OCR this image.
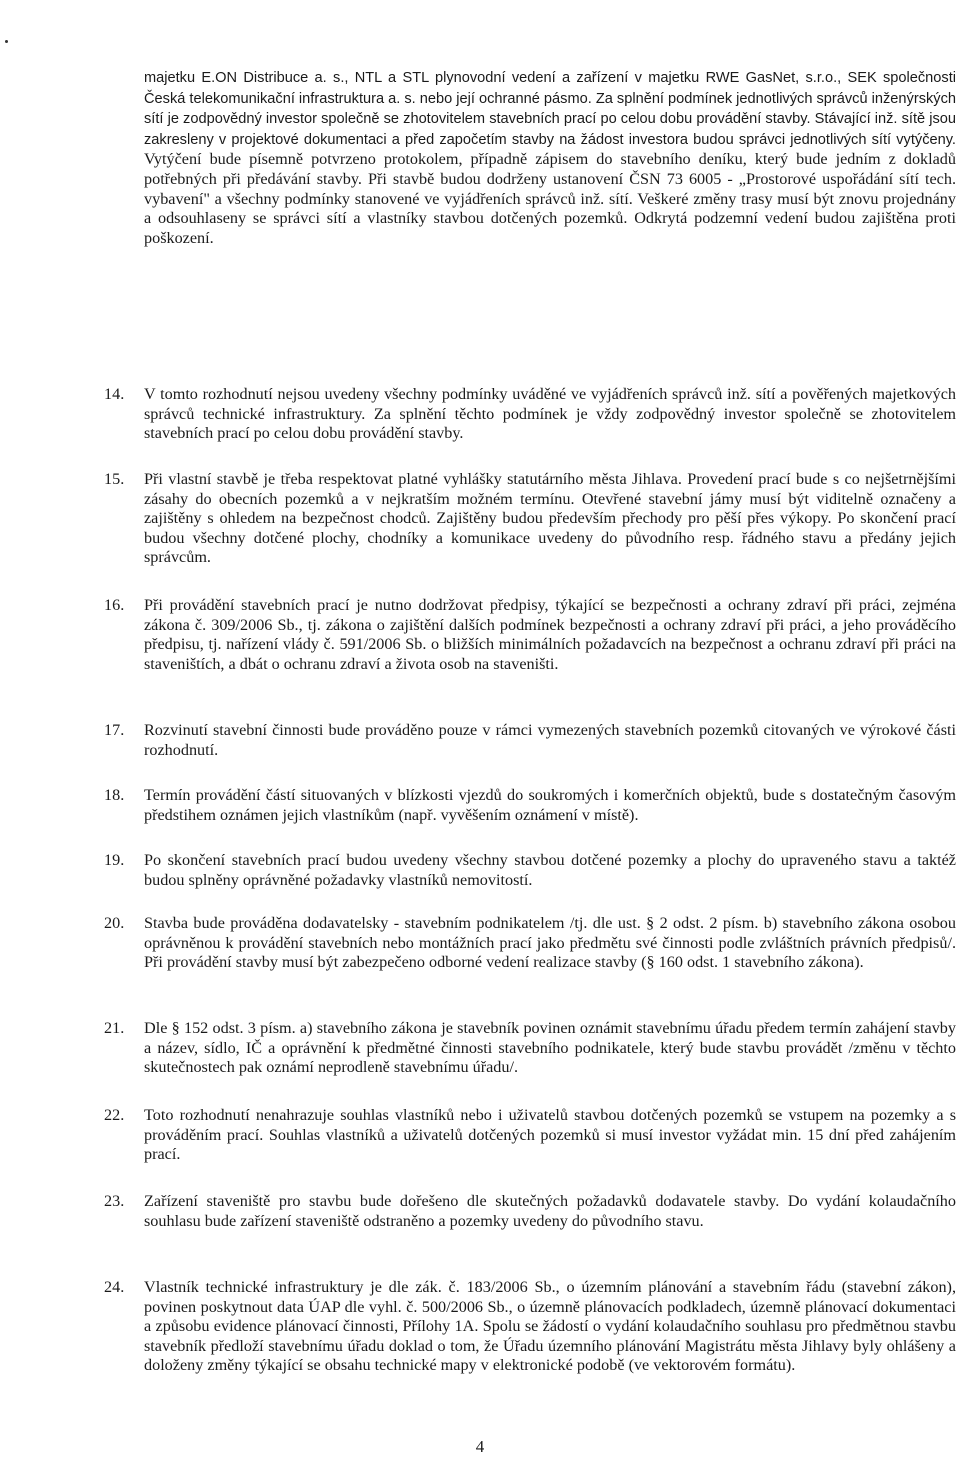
majetku E.ON Distribuce a. s., NTL a STL plynovodní vedení a zařízení v majetku RWE GasNet, s.r.o., SEK společnosti Česká telekomunikační infrastruktura a. s. nebo její ochranné pásmo. Za splnění podmínek jednotlivých správců inženýrských sítí je zodpovědný investor společně se zhotovitelem stavebních prací po celou dobu provádění stavby. Stávající inž. sítě jsou zakresleny v projektové dokumentaci a před započetím stavby na žádost investora budou správci jednotlivých sítí vytýčeny. Vytýčení bude písemně potvrzeno protokolem, případně zápisem do stavebního deníku, který bude jedním z dokladů potřebných při předávání stavby. Při stavbě budou dodrženy ustanovení ČSN 73 6005 - „Prostorové uspořádání sítí tech. vybavení" a všechny podmínky stanovené ve vyjádřeních správců inž. sítí. Veškeré změny trasy musí být znovu projednány a odsouhlaseny se správci sítí a vlastníky stavbou dotčených pozemků. Odkrytá podzemní vedení budou zajištěna proti poškození.

14.	V tomto rozhodnutí nejsou uvedeny všechny podmínky uváděné ve vyjádřeních správců inž. sítí a pověřených majetkových správců technické infrastruktury. Za splnění těchto podmínek je vždy zodpovědný investor společně se zhotovitelem stavebních prací po celou dobu provádění stavby.

15.	Při vlastní stavbě je třeba respektovat platné vyhlášky statutárního města Jihlava. Provedení prací bude s co nejšetrnějšími zásahy do obecních pozemků a v nejkratším možném termínu. Otevřené stavební jámy musí být viditelně označeny a zajištěny s ohledem na bezpečnost chodců. Zajištěny budou především přechody pro pěší přes výkopy. Po skončení prací budou všechny dotčené plochy, chodníky a komunikace uvedeny do původního resp. řádného stavu a předány jejich správcům.

16.	Při provádění stavebních prací je nutno dodržovat předpisy, týkající se bezpečnosti a ochrany zdraví při práci, zejména zákona č. 309/2006 Sb., tj. zákona o zajištění dalších podmínek bezpečnosti a ochrany zdraví při práci, a jeho prováděcího předpisu, tj. nařízení vlády č. 591/2006 Sb. o bližších minimálních požadavcích na bezpečnost a ochranu zdraví při práci na staveništích, a dbát o ochranu zdraví a života osob na staveništi.

17.	Rozvinutí stavební činnosti bude prováděno pouze v rámci vymezených stavebních pozemků citovaných ve výrokové části rozhodnutí.

18.	Termín provádění částí situovaných v blízkosti vjezdů do soukromých i komerčních objektů, bude s dostatečným časovým předstihem oznámen jejich vlastníkům (např. vyvěšením oznámení v místě).

19.	Po skončení stavebních prací budou uvedeny všechny stavbou dotčené pozemky a plochy do upraveného stavu a taktéž budou splněny oprávněné požadavky vlastníků nemovitostí.

20.	Stavba bude prováděna dodavatelsky - stavebním podnikatelem /tj. dle ust. § 2 odst. 2 písm. b) stavebního zákona osobou oprávněnou k provádění stavebních nebo montážních prací jako předmětu své činnosti podle zvláštních právních předpisů/. Při provádění stavby musí být zabezpečeno odborné vedení realizace stavby (§ 160 odst. 1 stavebního zákona).

21.	Dle § 152 odst. 3 písm. a) stavebního zákona je stavebník povinen oznámit stavebnímu úřadu předem termín zahájení stavby a název, sídlo, IČ a oprávnění k předmětné činnosti stavebního podnikatele, který bude stavbu provádět /změnu v těchto skutečnostech pak oznámí neprodleně stavebnímu úřadu/.

22.	Toto rozhodnutí nenahrazuje souhlas vlastníků nebo i uživatelů stavbou dotčených pozemků se vstupem na pozemky a s prováděním prací. Souhlas vlastníků a uživatelů dotčených pozemků si musí investor vyžádat min. 15 dní před zahájením prací.

23.	Zařízení staveniště pro stavbu bude dořešeno dle skutečných požadavků dodavatele stavby. Do vydání kolaudačního souhlasu bude zařízení staveniště odstraněno a pozemky uvedeny do původního stavu.

24.	Vlastník technické infrastruktury je dle zák. č. 183/2006 Sb., o územním plánování a stavebním řádu (stavební zákon), povinen poskytnout data ÚAP dle vyhl. č. 500/2006 Sb., o územně plánovacích podkladech, územně plánovací dokumentaci a způsobu evidence plánovací činnosti, Přílohy 1A. Spolu se žádostí o vydání kolaudačního souhlasu pro předmětnou stavbu stavebník předloží stavebnímu úřadu doklad o tom, že Úřadu územního plánování Magistrátu města Jihlavy byly ohlášeny a doloženy změny týkající se obsahu technické mapy v elektronické podobě (ve vektorovém formátu).

4
